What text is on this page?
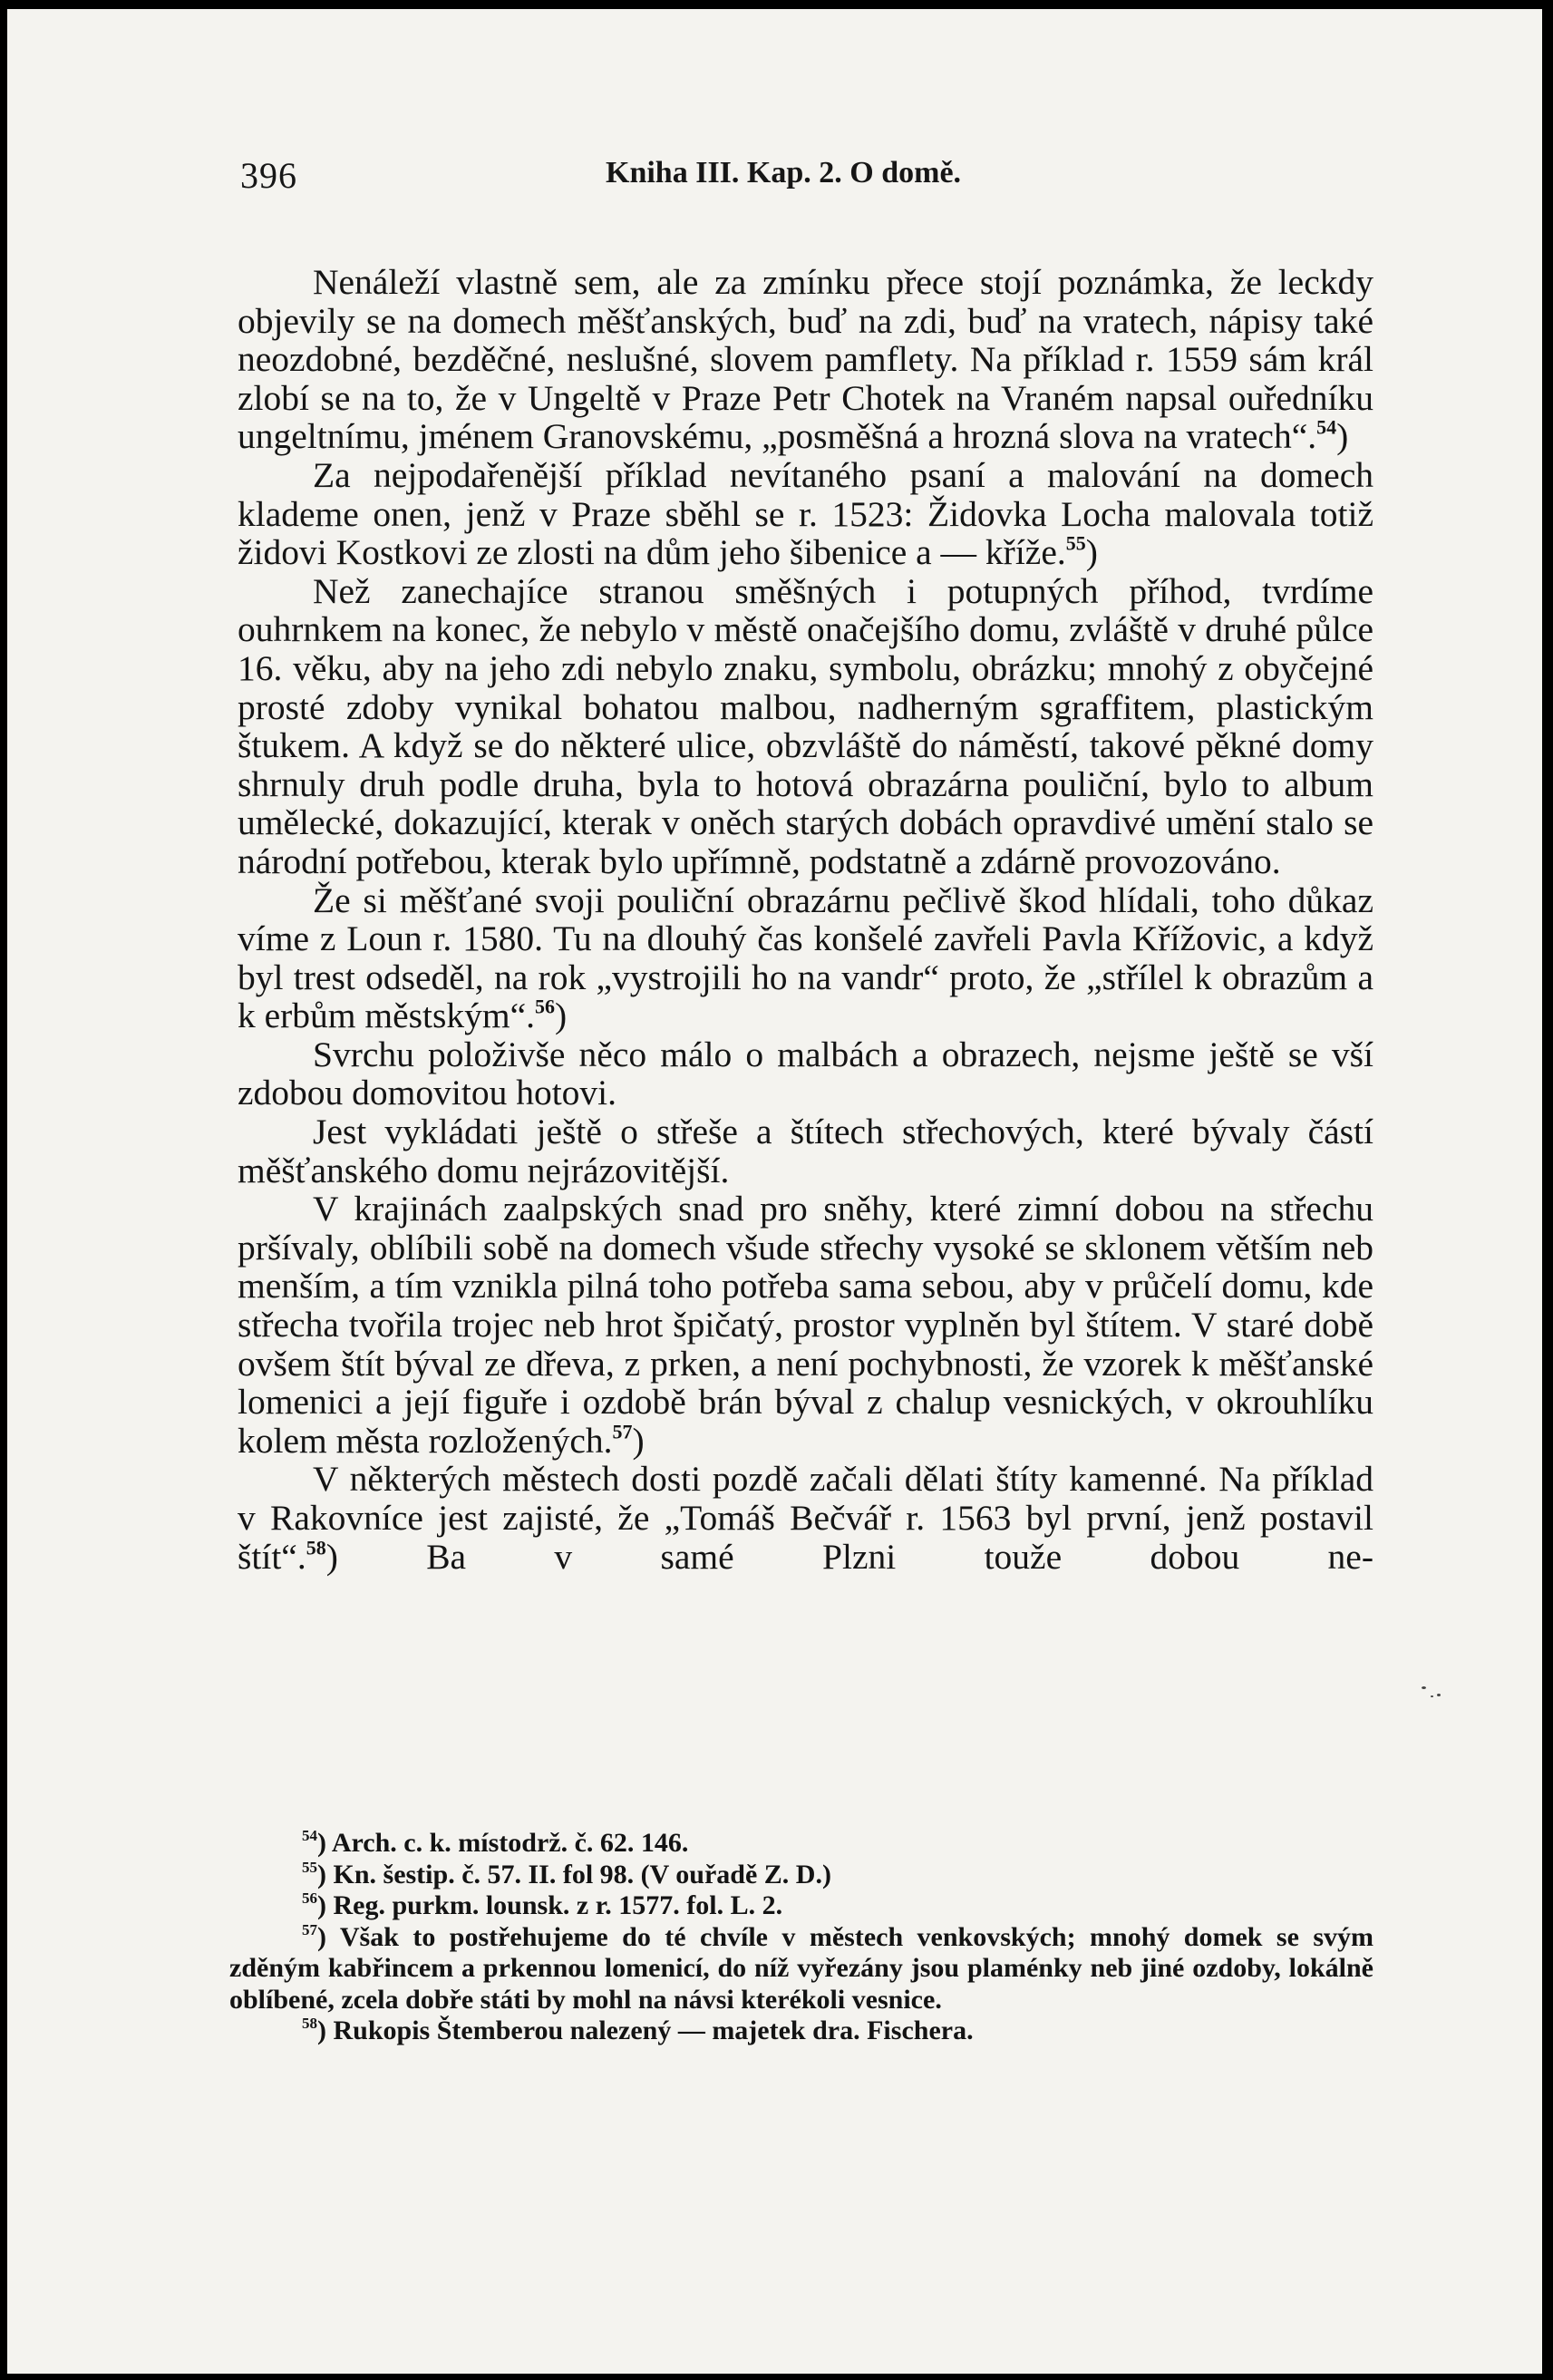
396	Kniha III. Kap. 2. O domě.

Nenáleží vlastně sem, ale za zmínku přece stojí poznámka, že leckdy objevily se na domech měšťanských, buď na zdi, buď na vratech, nápisy také neozdobné, bezděčné, neslušné, slovem pamflety. Na příklad r. 1559 sám král zlobí se na to, že v Ungeltě v Praze Petr Chotek na Vraném napsal ouředníku ungeltnímu, jménem Granovskému, „posměšná a hrozná slova na vratech“.$^{54}$)

Za nejpodařenější příklad nevítaného psaní a malování na domech klademe onen, jenž v Praze sběhl se r. 1523: Židovka Locha malovala totiž židovi Kostkovi ze zlosti na dům jeho šibenice a — kříže.$^{55}$)

Než zanechajíce stranou směšných i potupných příhod, tvrdíme ouhrnkem na konec, že nebylo v městě onačejšího domu, zvláště v druhé půlce 16. věku, aby na jeho zdi nebylo znaku, symbolu, obrázku; mnohý z obyčejné prosté zdoby vynikal bohatou malbou, nadherným sgraffitem, plastickým štukem. A když se do některé ulice, obzvláště do náměstí, takové pěkné domy shrnuly druh podle druha, byla to hotová obrazárna pouliční, bylo to album umělecké, dokazující, kterak v oněch starých dobách opravdivé umění stalo se národní potřebou, kterak bylo upřímně, podstatně a zdárně provozováno.

Že si měšťané svoji pouliční obrazárnu pečlivě škod hlídali, toho důkaz víme z Loun r. 1580. Tu na dlouhý čas konšelé zavřeli Pavla Křížovic, a když byl trest odseděl, na rok „vystrojili ho na vandr“ proto, že „střílel k obrazům a k erbům městským“.$^{56}$)

Svrchu položivše něco málo o malbách a obrazech, nejsme ještě se vší zdobou domovitou hotovi.

Jest vykládati ještě o střeše a štítech střechových, které bývaly částí měšťanského domu nejrázovitější.

V krajinách zaalpských snad pro sněhy, které zimní dobou na střechu pršívaly, oblíbili sobě na domech všude střechy vysoké se sklonem větším neb menším, a tím vznikla pilná toho potřeba sama sebou, aby v průčelí domu, kde střecha tvořila trojec neb hrot špičatý, prostor vyplněn byl štítem. V staré době ovšem štít býval ze dřeva, z prken, a není pochybnosti, že vzorek k měšťanské lomenici a její figuře i ozdobě brán býval z chalup vesnických, v okrouhlíku kolem města rozložených.$^{57}$)

V některých městech dosti pozdě začali dělati štíty kamenné. Na příklad v Rakovníce jest zajisté, že „Tomáš Bečvář r. 1563 byl první, jenž postavil štít“.$^{58}$) Ba v samé Plzni touže dobou ne-

$^{54}$) Arch. c. k. místodrž. č. 62. 146.

$^{55}$) Kn. šestip. č. 57. II. fol 98. (V ouřadě Z. D.)

$^{56}$) Reg. purkm. lounsk. z r. 1577. fol. L. 2.

$^{57}$) Však to postřehujeme do té chvíle v městech venkovských; mnohý domek se svým zděným kabřincem a prkennou lomenicí, do níž vyřezány jsou plaménky neb jiné ozdoby, lokálně oblíbené, zcela dobře státi by mohl na návsi kterékoli vesnice.

$^{58}$) Rukopis Štemberou nalezený — majetek dra. Fischera.
